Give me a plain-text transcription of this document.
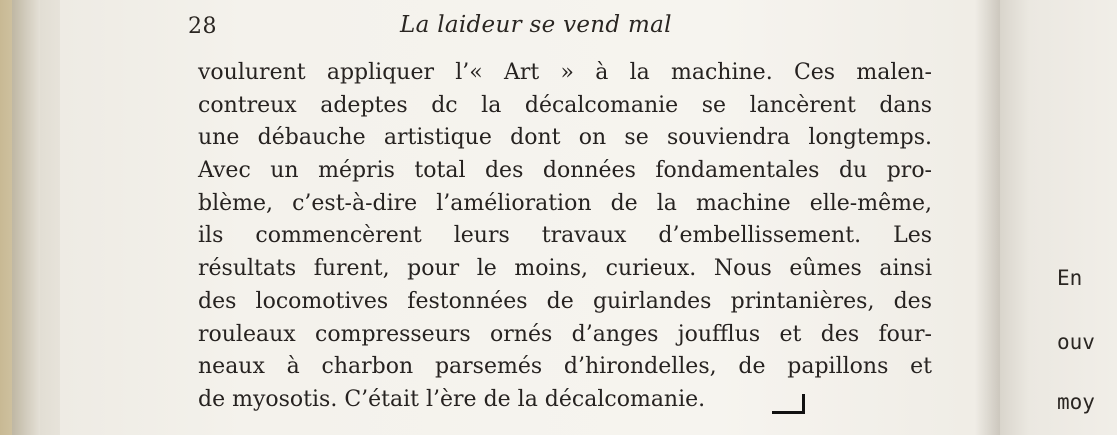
28	La laideur se vend mal
voulurent appliquer l’« Art » à la machine. Ces malen-
contreux adeptes dc la décalcomanie se lancèrent dans
une débauche artistique dont on se souviendra longtemps.
Avec un mépris total des données fondamentales du pro-
blème, c’est-à-dire l’amélioration de la machine elle-même,
ils commencèrent leurs travaux d’embellissement. Les
résultats furent, pour le moins, curieux. Nous eûmes ainsi
des locomotives festonnées de guirlandes printanières, des
rouleaux compresseurs ornés d’anges joufflus et des four-
neaux à charbon parsemés d’hirondelles, de papillons et
de myosotis. C’était l’ère de la décalcomanie.
En
ouv
moy
